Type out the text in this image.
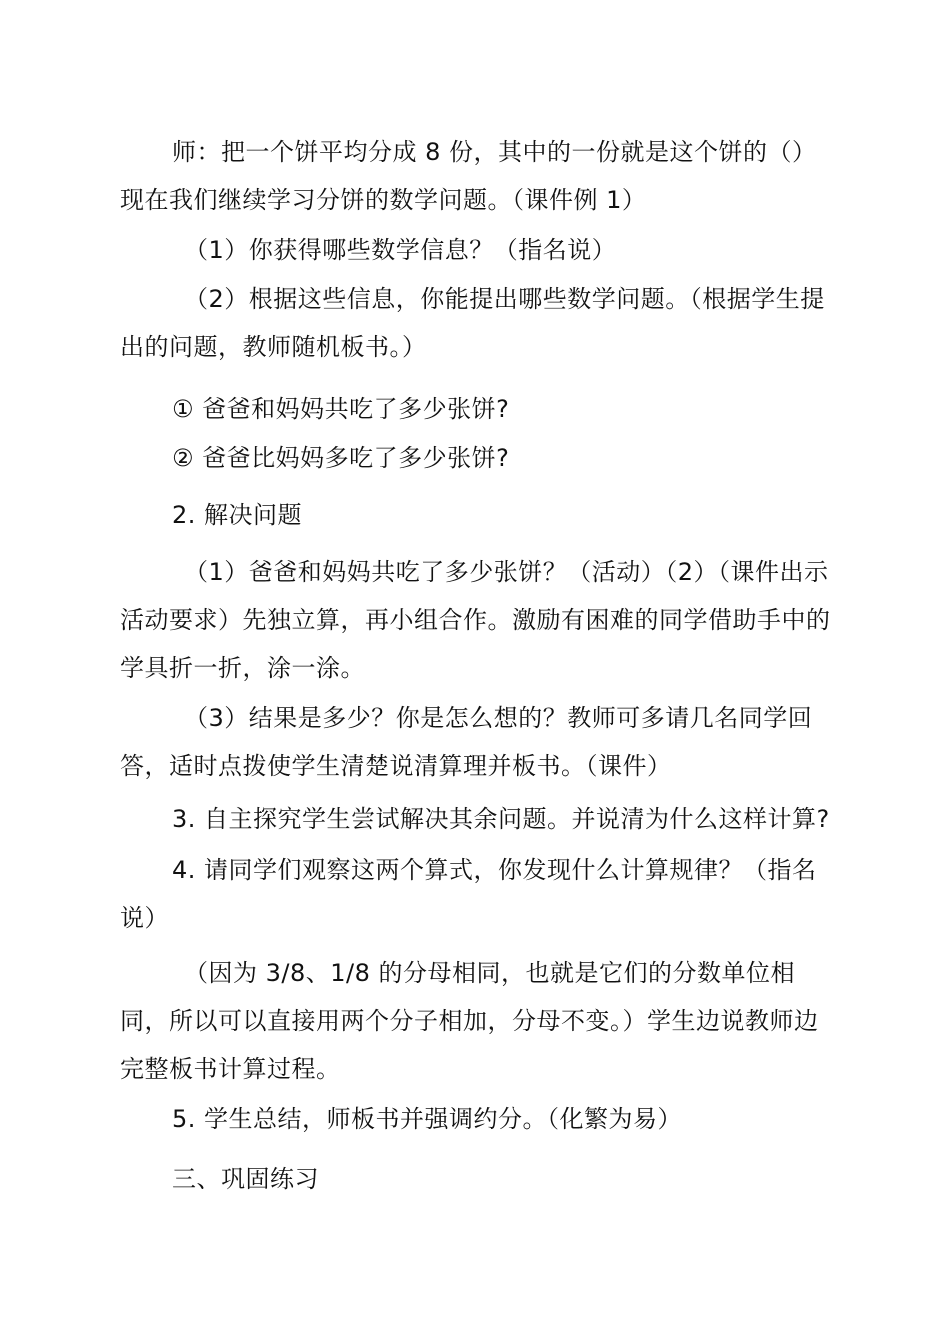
师：把一个饼平均分成 8 份，其中的一份就是这个饼的（）现在我们继续学习分饼的数学问题。（课件例 1）

（1）你获得哪些数学信息？（指名说）

（2）根据这些信息，你能提出哪些数学问题。（根据学生提出的问题，教师随机板书。）

① 爸爸和妈妈共吃了多少张饼?

② 爸爸比妈妈多吃了多少张饼?

2. 解决问题

（1）爸爸和妈妈共吃了多少张饼？（活动）（2）（课件出示活动要求）先独立算，再小组合作。激励有困难的同学借助手中的学具折一折，涂一涂。

（3）结果是多少？你是怎么想的？教师可多请几名同学回答，适时点拨使学生清楚说清算理并板书。（课件）

3. 自主探究学生尝试解决其余问题。并说清为什么这样计算?

4. 请同学们观察这两个算式，你发现什么计算规律？（指名说）

（因为 3/8、1/8 的分母相同，也就是它们的分数单位相同，所以可以直接用两个分子相加，分母不变。）学生边说教师边完整板书计算过程。

5. 学生总结，师板书并强调约分。（化繁为易）

三、巩固练习
